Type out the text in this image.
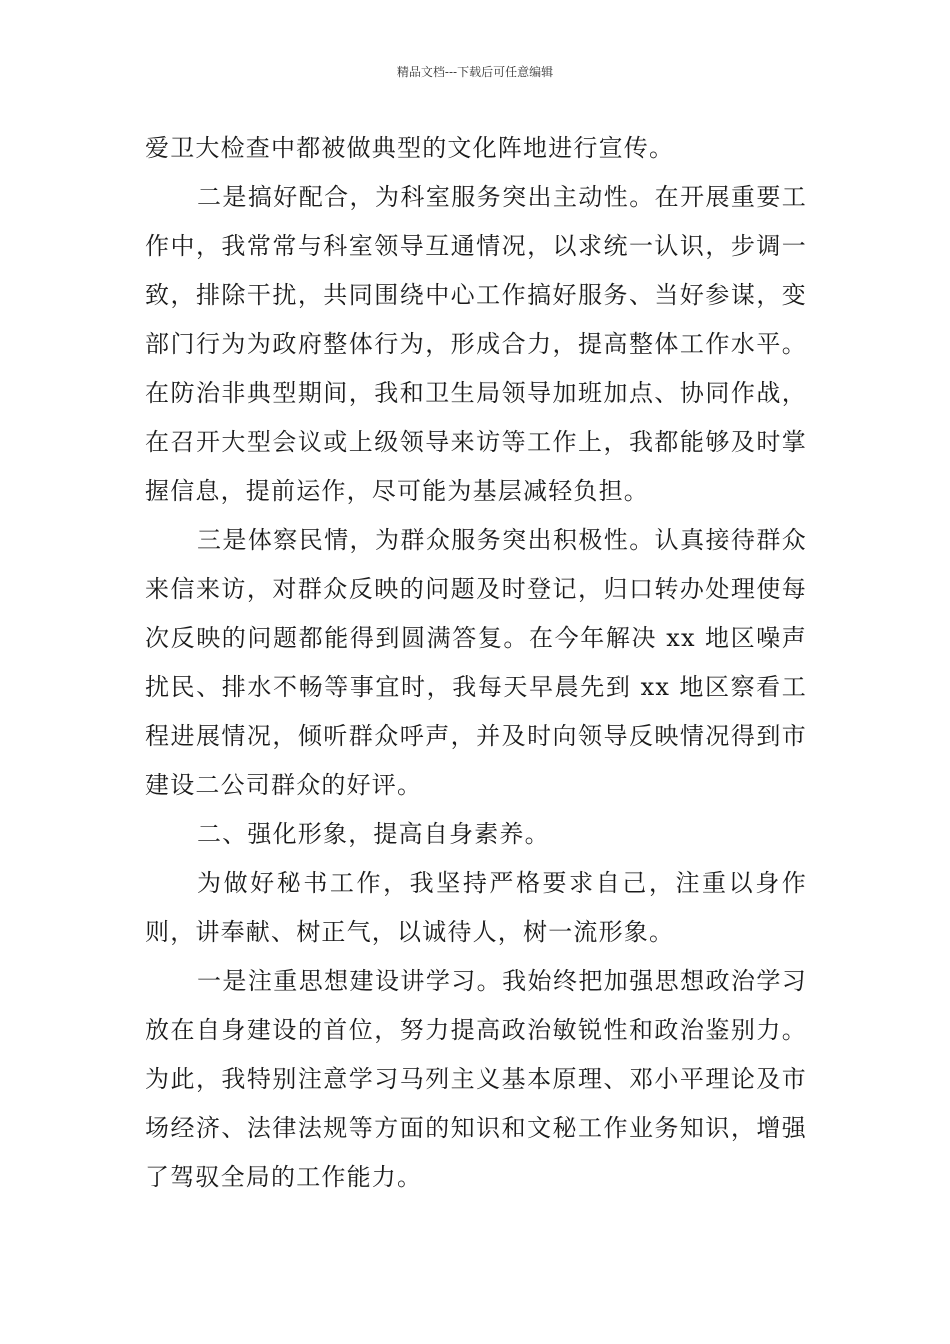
精品文档---下载后可任意编辑

爱卫大检查中都被做典型的文化阵地进行宣传。

二是搞好配合，为科室服务突出主动性。在开展重要工作中，我常常与科室领导互通情况，以求统一认识，步调一致，排除干扰，共同围绕中心工作搞好服务、当好参谋，变部门行为为政府整体行为，形成合力，提高整体工作水平。在防治非典型期间，我和卫生局领导加班加点、协同作战，在召开大型会议或上级领导来访等工作上，我都能够及时掌握信息，提前运作，尽可能为基层减轻负担。

三是体察民情，为群众服务突出积极性。认真接待群众来信来访，对群众反映的问题及时登记，归口转办处理使每次反映的问题都能得到圆满答复。在今年解决 xx 地区噪声扰民、排水不畅等事宜时，我每天早晨先到 xx 地区察看工程进展情况，倾听群众呼声，并及时向领导反映情况得到市建设二公司群众的好评。

二、强化形象，提高自身素养。

为做好秘书工作，我坚持严格要求自己，注重以身作则，讲奉献、树正气，以诚待人，树一流形象。

一是注重思想建设讲学习。我始终把加强思想政治学习放在自身建设的首位，努力提高政治敏锐性和政治鉴别力。为此，我特别注意学习马列主义基本原理、邓小平理论及市场经济、法律法规等方面的知识和文秘工作业务知识，增强了驾驭全局的工作能力。
